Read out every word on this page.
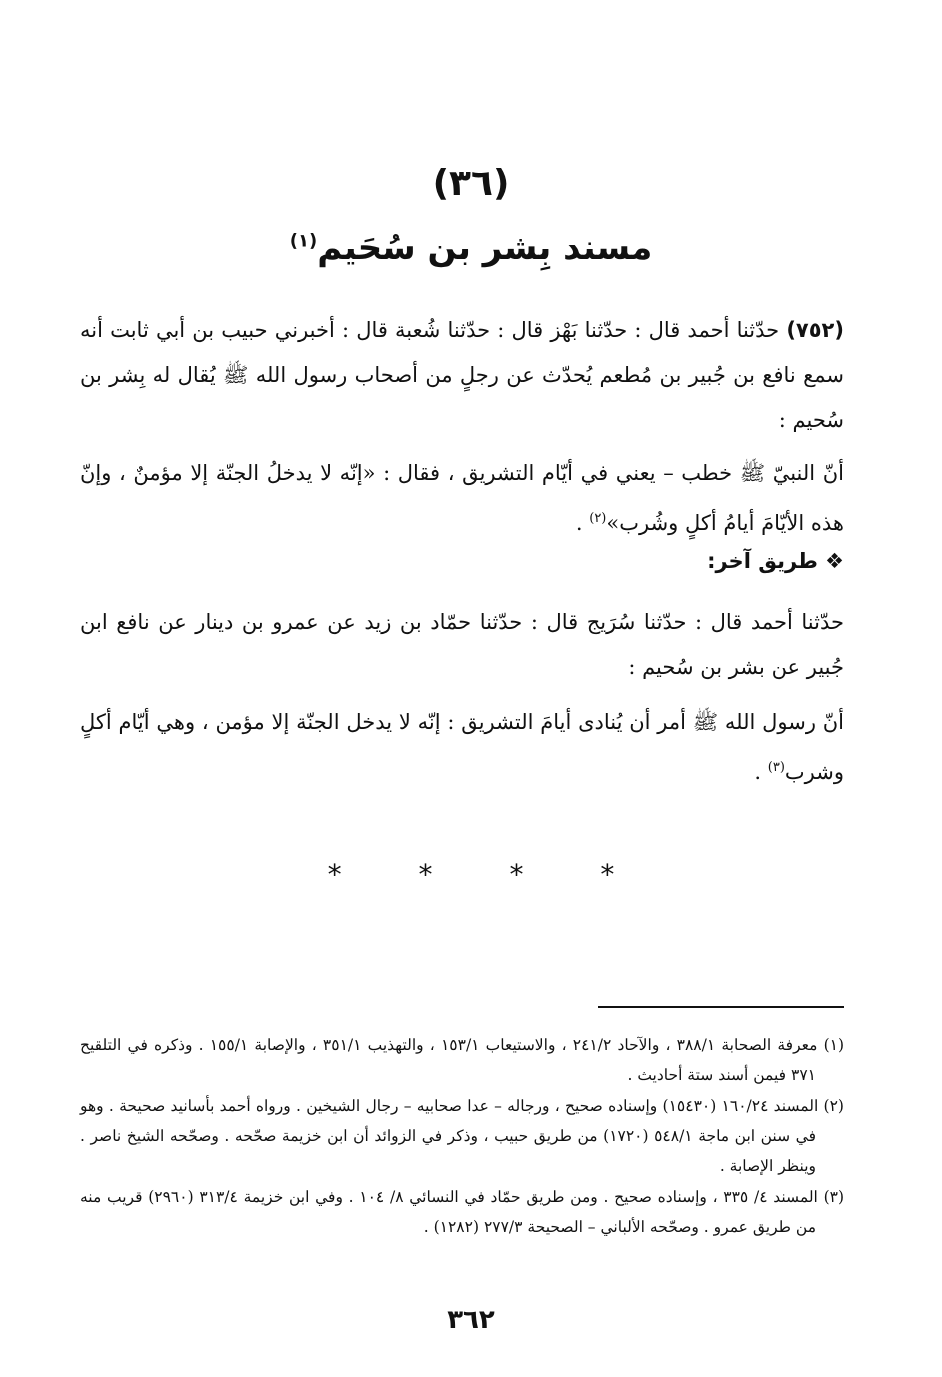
(٣٦)
مسند بِشر بن سُحَيم$^{(١)}$
(٧٥٢) حدّثنا أحمد قال : حدّثنا بَهْز قال : حدّثنا شُعبة قال : أخبرني حبيب بن أبي ثابت أنه سمع نافع بن جُبير بن مُطعم يُحدّث عن رجلٍ من أصحاب رسول الله ﷺ يُقال له بِشر بن سُحيم :
أنّ النبيّ ﷺ خطب – يعني في أيّام التشريق ، فقال : «إنّه لا يدخلُ الجنّة إلا مؤمنٌ ، وإنّ هذه الأيّامَ أيامُ أكلٍ وشُرب»$^{(٢)}$ .
❖ طريق آخر:
حدّثنا أحمد قال : حدّثنا سُرَيج قال : حدّثنا حمّاد بن زيد عن عمرو بن دينار عن نافع ابن جُبير عن بشر بن سُحيم :
أنّ رسول الله ﷺ أمر أن يُنادى أيامَ التشريق : إنّه لا يدخل الجنّة إلا مؤمن ، وهي أيّام أكلٍ وشرب$^{(٣)}$ .
* * * *
(١) معرفة الصحابة ٣٨٨/١ ، والآحاد ٢٤١/٢ ، والاستيعاب ١٥٣/١ ، والتهذيب ٣٥١/١ ، والإصابة ١٥٥/١ . وذكره في التلقيح ٣٧١ فيمن أسند ستة أحاديث .
(٢) المسند ١٦٠/٢٤ (١٥٤٣٠) وإسناده صحيح ، ورجاله – عدا صحابيه – رجال الشيخين . ورواه أحمد بأسانيد صحيحة . وهو في سنن ابن ماجة ٥٤٨/١ (١٧٢٠) من طريق حبيب ، وذكر في الزوائد أن ابن خزيمة صحّحه . وصحّحه الشيخ ناصر . وينظر الإصابة .
(٣) المسند ٤/ ٣٣٥ ، وإسناده صحيح . ومن طريق حمّاد في النسائي ٨/ ١٠٤ . وفي ابن خزيمة ٣١٣/٤ (٢٩٦٠) قريب منه من طريق عمرو . وصحّحه الألباني – الصحيحة ٢٧٧/٣ (١٢٨٢) .
٣٦٢
